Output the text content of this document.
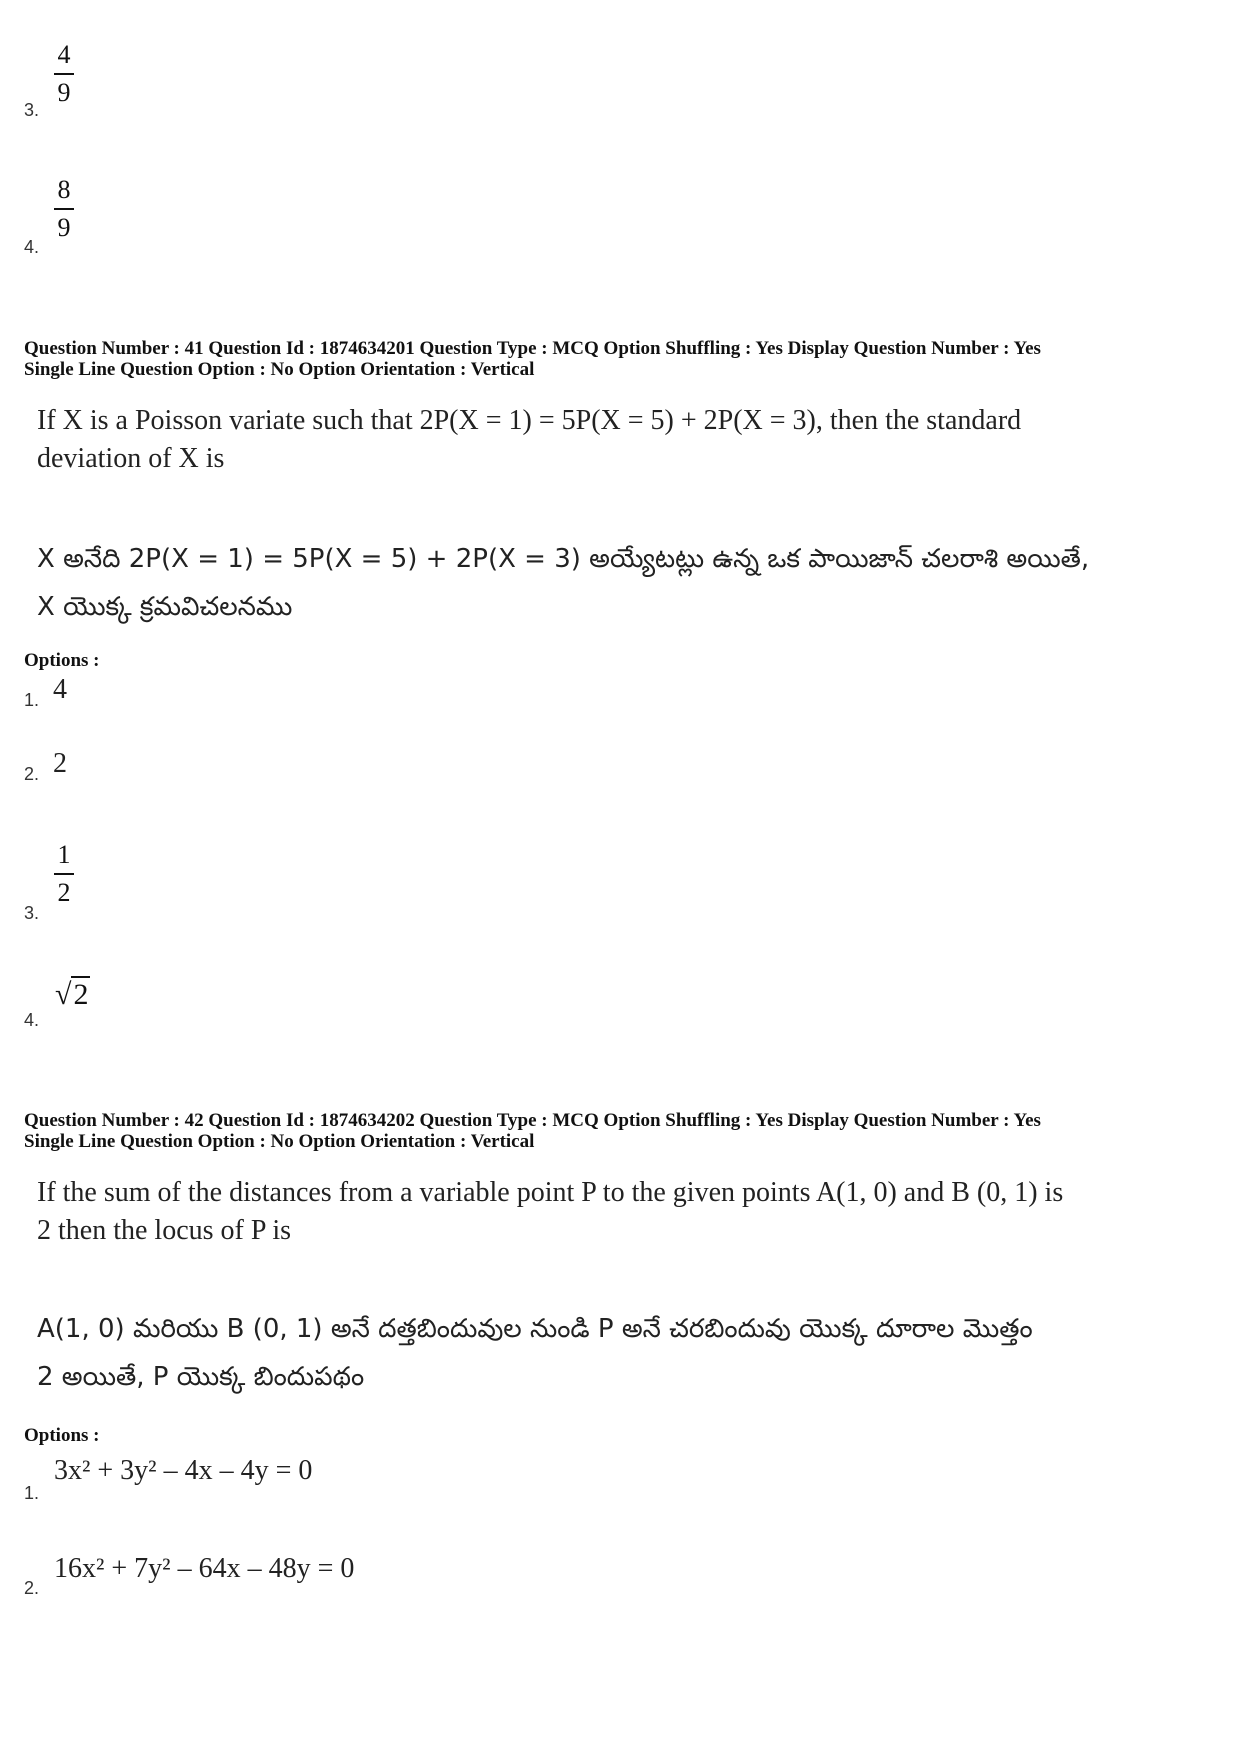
4
9
3.
8
9
4.
Question Number : 41 Question Id : 1874634201 Question Type : MCQ Option Shuffling : Yes Display Question Number : Yes
Single Line Question Option : No Option Orientation : Vertical
If X is a Poisson variate such that 2P(X = 1) = 5P(X = 5) + 2P(X = 3), then the standard
deviation of X is
X అనేది 2P(X = 1) = 5P(X = 5) + 2P(X = 3) అయ్యేటట్లు ఉన్న ఒక పాయిజాన్ చలరాశి అయితే,
X యొక్క క్రమవిచలనము
Options :
1. 4
2. 2
1
2
3.
√2
4.
Question Number : 42 Question Id : 1874634202 Question Type : MCQ Option Shuffling : Yes Display Question Number : Yes
Single Line Question Option : No Option Orientation : Vertical
If the sum of the distances from a variable point P to the given points A(1, 0) and B (0, 1) is
2 then the locus of P is
A(1, 0) మరియు B (0, 1) అనే దత్తబిందువుల నుండి P అనే చరబిందువు యొక్క దూరాల మొత్తం
2 అయితే, P యొక్క బిందుపథం
Options :
3x² + 3y² – 4x – 4y = 0
1.
16x² + 7y² – 64x – 48y = 0
2.
